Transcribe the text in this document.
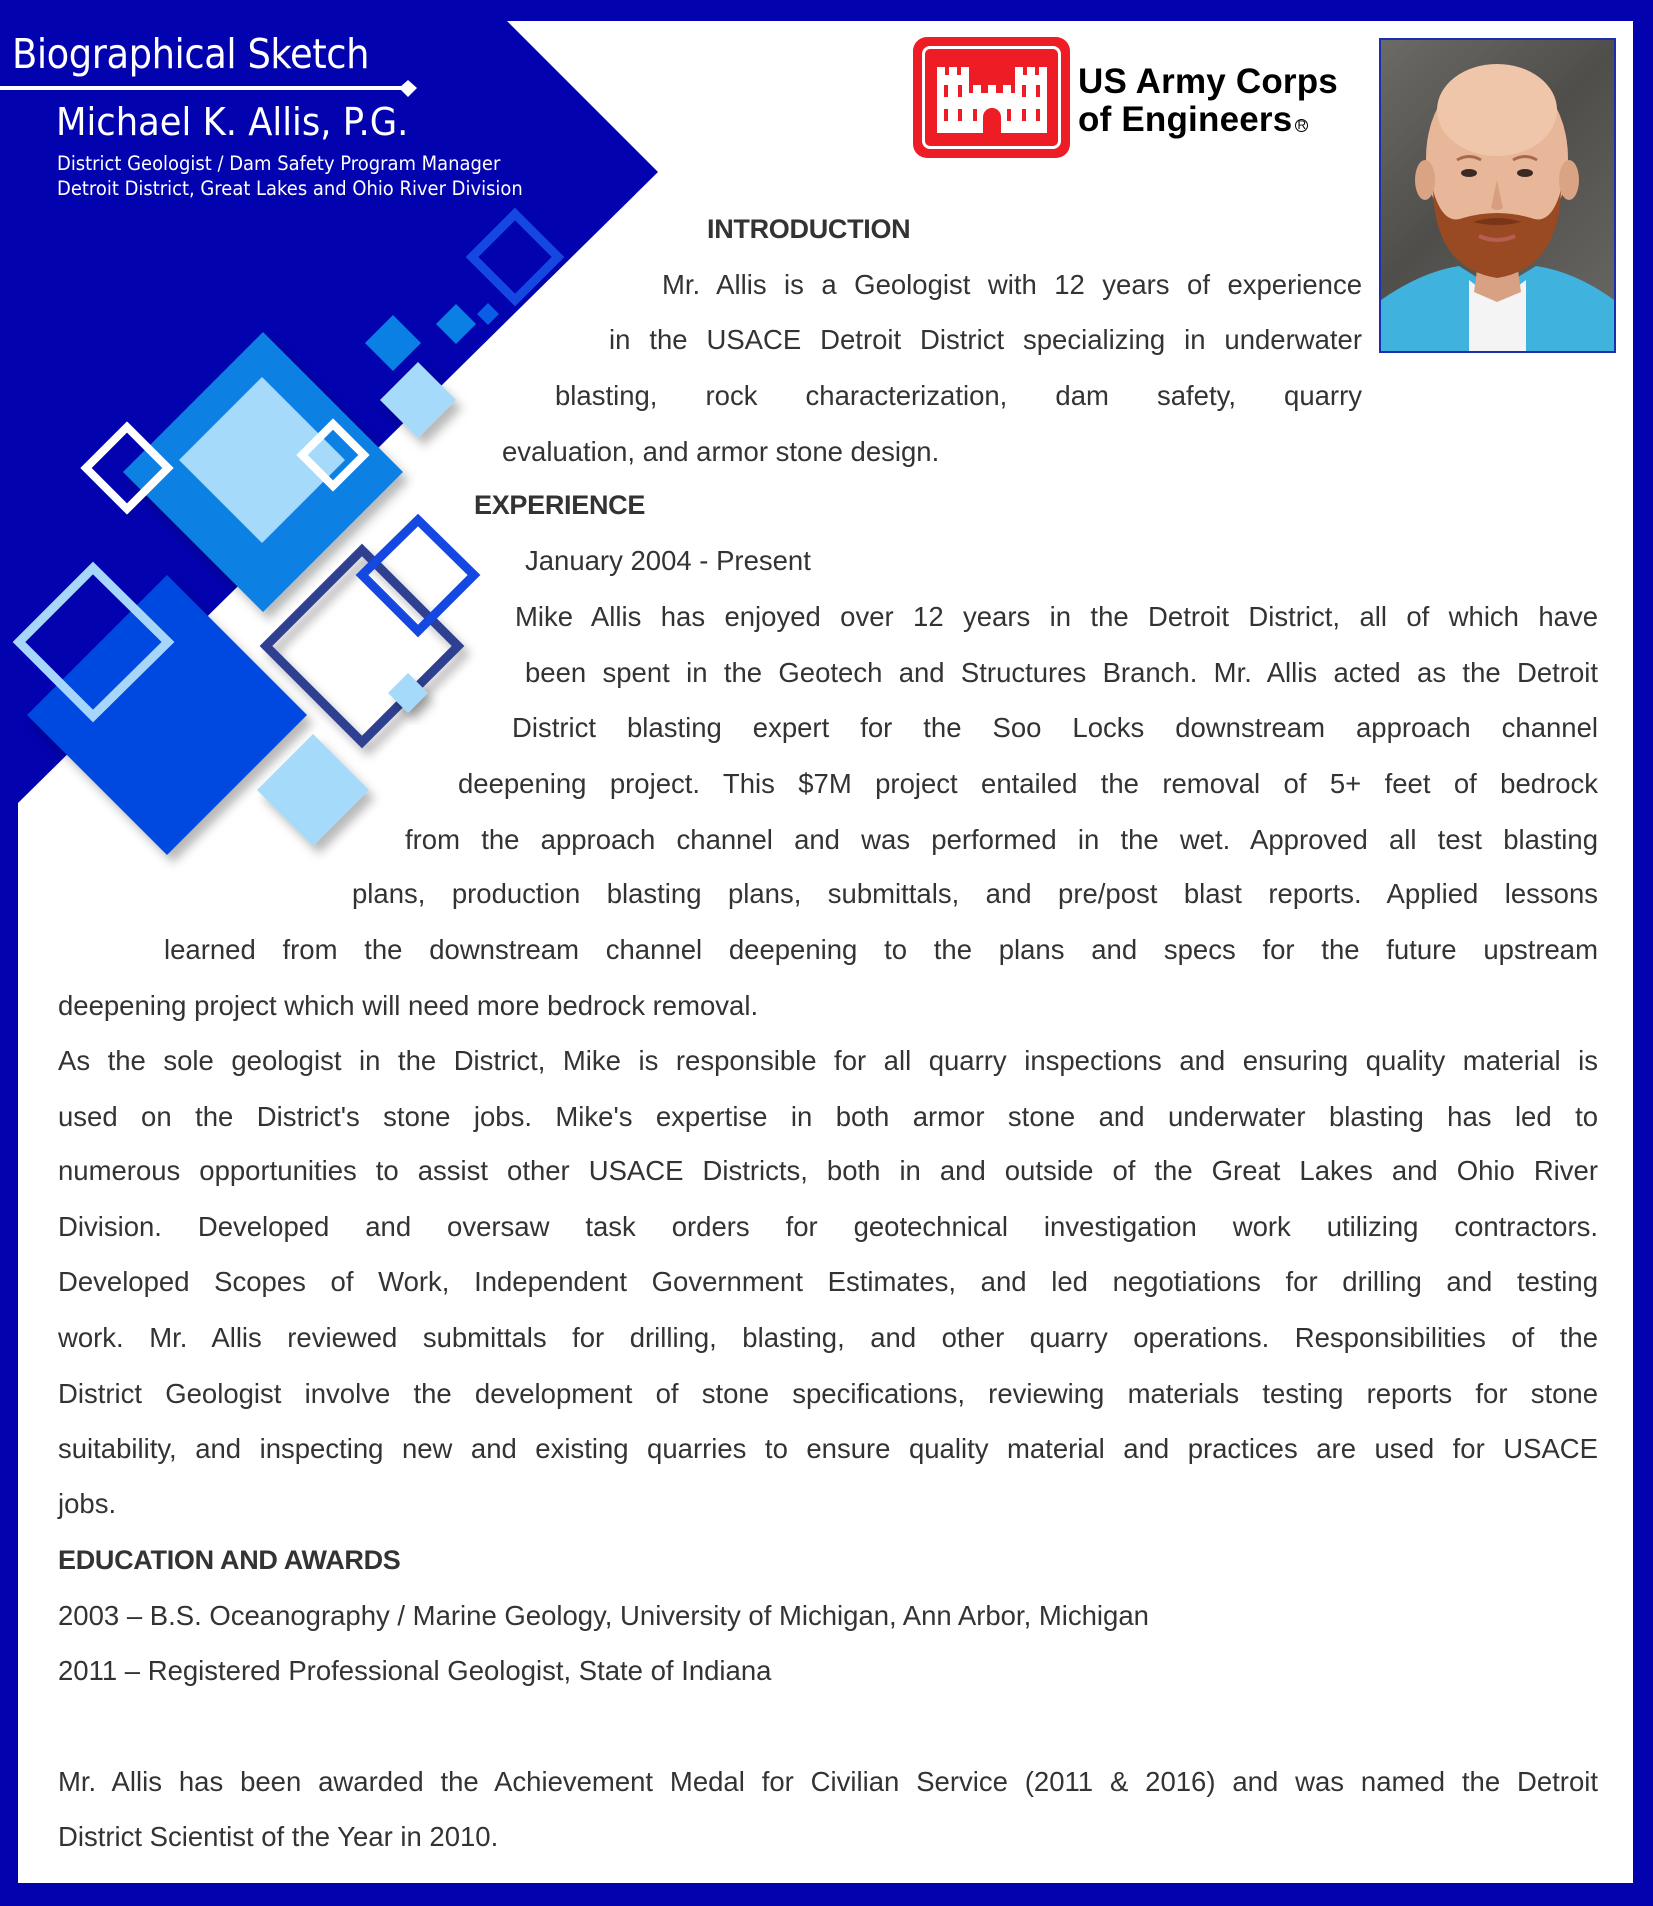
Biographical Sketch
Michael K. Allis, P.G.
District Geologist / Dam Safety Program Manager
Detroit District, Great Lakes and Ohio River Division
US Army Corps
of Engineers R
INTRODUCTION
Mr. Allis is a Geologist with 12 years of experience
in the USACE Detroit District specializing in underwater
blasting, rock characterization, dam safety, quarry
evaluation, and armor stone design.
EXPERIENCE
January 2004 - Present
Mike Allis has enjoyed over 12 years in the Detroit District, all of which have
been spent in the Geotech and Structures Branch. Mr. Allis acted as the Detroit
District blasting expert for the Soo Locks downstream approach channel
deepening project. This $7M project entailed the removal of 5+ feet of bedrock
from the approach channel and was performed in the wet. Approved all test blasting
plans, production blasting plans, submittals, and pre/post blast reports. Applied lessons
learned from the downstream channel deepening to the plans and specs for the future upstream
deepening project which will need more bedrock removal.
As the sole geologist in the District, Mike is responsible for all quarry inspections and ensuring quality material is
used on the District's stone jobs. Mike's expertise in both armor stone and underwater blasting has led to
numerous opportunities to assist other USACE Districts, both in and outside of the Great Lakes and Ohio River
Division. Developed and oversaw task orders for geotechnical investigation work utilizing contractors.
Developed Scopes of Work, Independent Government Estimates, and led negotiations for drilling and testing
work. Mr. Allis reviewed submittals for drilling, blasting, and other quarry operations. Responsibilities of the
District Geologist involve the development of stone specifications, reviewing materials testing reports for stone
suitability, and inspecting new and existing quarries to ensure quality material and practices are used for USACE
jobs.
EDUCATION AND AWARDS
2003 – B.S. Oceanography / Marine Geology, University of Michigan, Ann Arbor, Michigan
2011 – Registered Professional Geologist, State of Indiana
Mr. Allis has been awarded the Achievement Medal for Civilian Service (2011 & 2016) and was named the Detroit
District Scientist of the Year in 2010.
